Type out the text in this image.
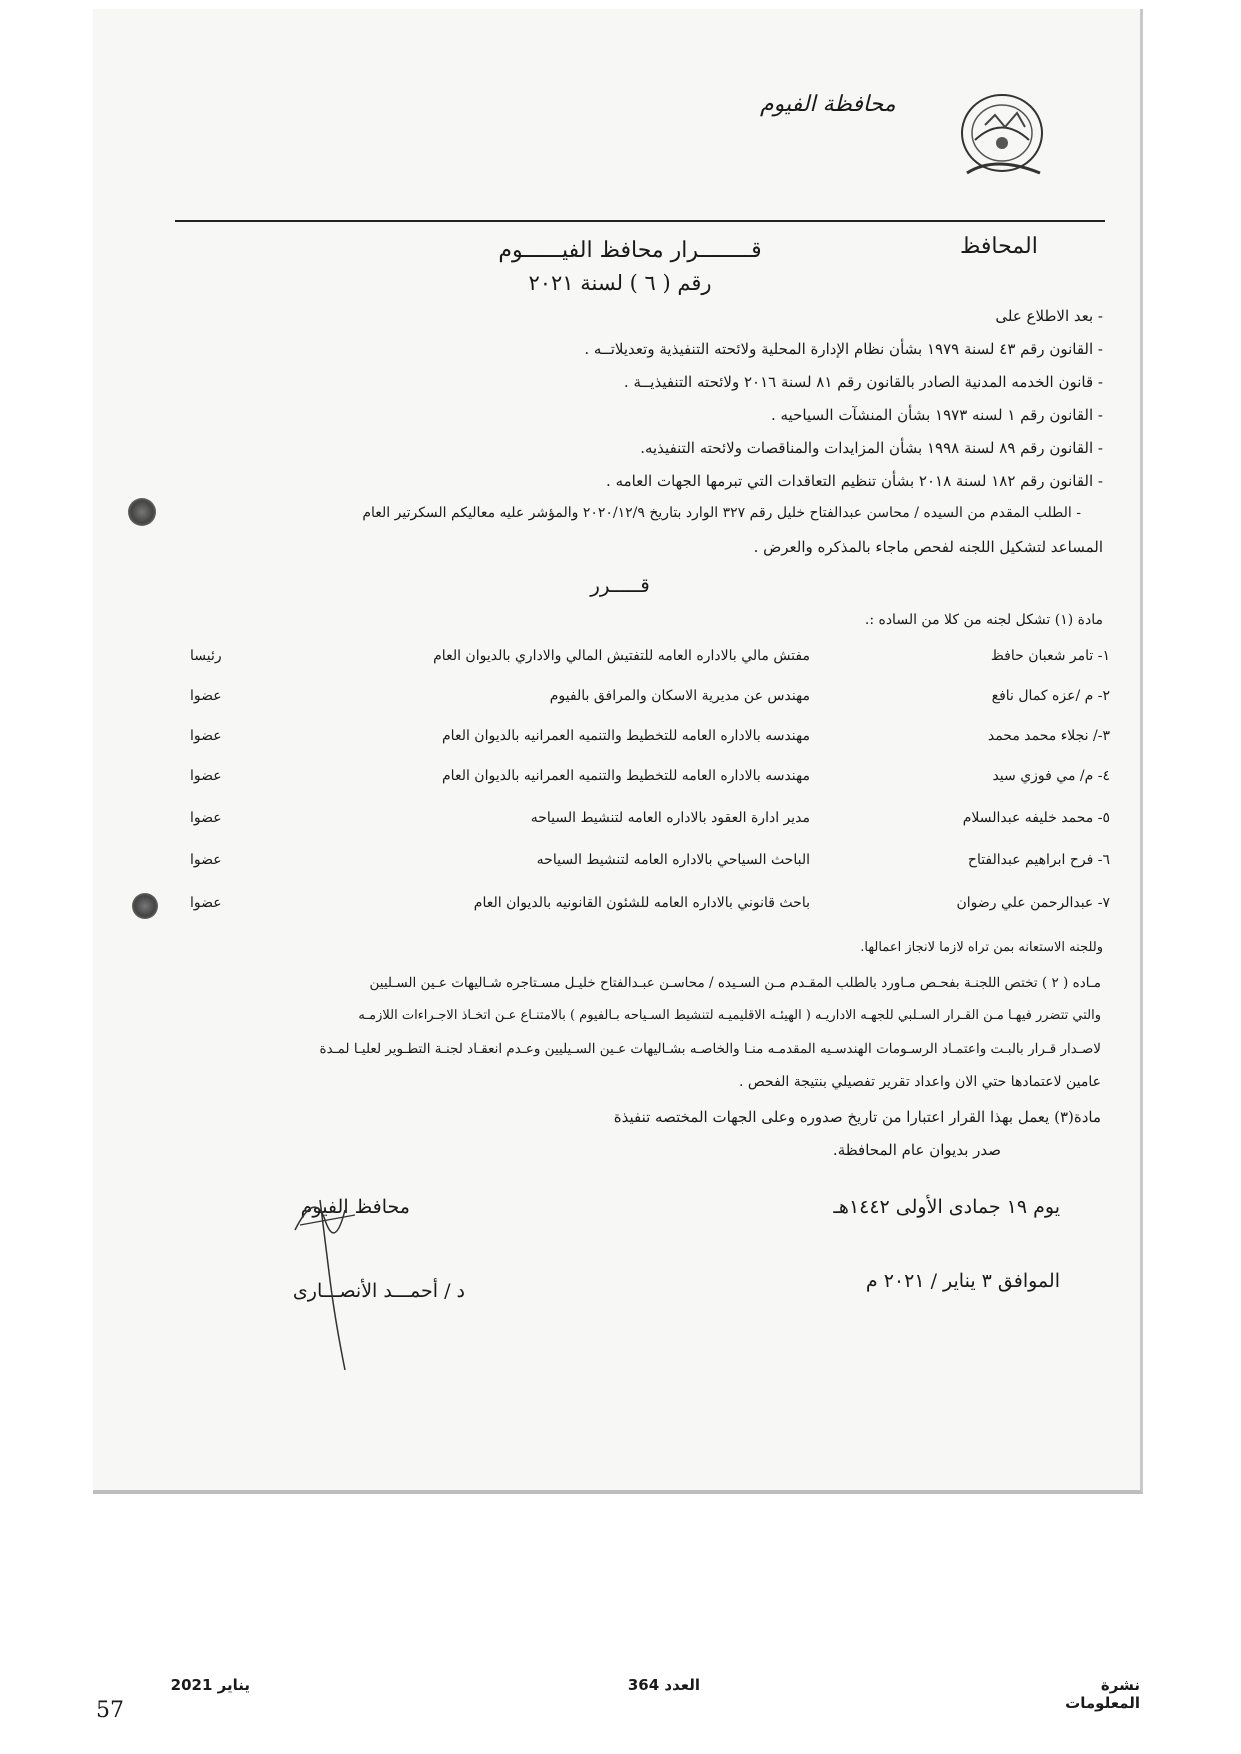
محافظة الفيوم
المحافظ
قــــــــرار محافظ الفيــــــوم
رقم ( ٦ ) لسنة ٢٠٢١
- بعد الاطلاع على
- القانون رقم ٤٣ لسنة ١٩٧٩ بشأن نظام الإدارة المحلية ولائحته التنفيذية وتعديلاتــه .
- قانون الخدمه المدنية الصادر بالقانون رقم ٨١ لسنة ٢٠١٦ ولائحته التنفيذيــة .
- القانون رقم ١ لسنه ١٩٧٣ بشأن المنشآت السياحيه .
- القانون رقم ٨٩ لسنة ١٩٩٨ بشأن المزايدات والمناقصات ولائحته التنفيذيه.
- القانون رقم ١٨٢ لسنة ٢٠١٨ بشأن تنظيم التعاقدات التي تبرمها الجهات العامه .
- الطلب المقدم من السيده / محاسن عبدالفتاح خليل رقم ٣٢٧ الوارد بتاريخ ٢٠٢٠/١٢/٩ والمؤشر عليه معاليكم السكرتير العام
المساعد لتشكيل اللجنه لفحص ماجاء بالمذكره والعرض .
قـــــرر
مادة (١) تشكل لجنه من كلا من الساده :.
١- تامر شعبان حافظ
مفتش مالي بالاداره العامه للتفتيش المالي والاداري بالديوان العام
رئيسا
٢- م /عزه كمال نافع
مهندس عن مديرية الاسكان والمرافق بالفيوم
عضوا
٣-/ نجلاء محمد محمد
مهندسه بالاداره العامه للتخطيط والتنميه العمرانيه بالديوان العام
عضوا
٤- م/ مي فوزي سيد
مهندسه بالاداره العامه للتخطيط والتنميه العمرانيه بالديوان العام
عضوا
٥- محمد خليفه عبدالسلام
مدير ادارة العقود بالاداره العامه لتنشيط السياحه
عضوا
٦- فرح ابراهيم عبدالفتاح
الباحث السياحي بالاداره العامه لتنشيط السياحه
عضوا
٧- عبدالرحمن علي رضوان
باحث قانوني بالاداره العامه للشئون القانونيه بالديوان العام
عضوا
وللجنه الاستعانه بمن تراه لازما لانجاز اعمالها.
مـاده ( ٢ ) تختص اللجنـة بفحـص مـاورد بالطلب المقـدم مـن السـيده / محاسـن عبـدالفتاح خليـل مسـتاجره شـاليهات عـين السـليين
والتي تتضرر فيهـا مـن القـرار السـلبي للجهـه الاداريـه ( الهيئـه الاقليميـه لتنشيط السـياحه بـالفيوم ) بالامتنـاع عـن اتخـاذ الاجـراءات اللازمـه
لاصـدار قـرار بالبـت واعتمـاد الرسـومات الهندسـيه المقدمـه منـا والخاصـه بشـاليهات عـين السـيليين وعـدم انعقـاد لجنـة التطـوير لعليـا لمـدة
عامين لاعتمادها حتي الان واعداد تقرير تفصيلي بنتيجة الفحص .
مادة(٣) يعمل بهذا القرار اعتبارا من تاريخ صدوره وعلى الجهات المختصه تنفيذة
صدر بديوان عام المحافظة.
يوم ١٩ جمادى الأولى ١٤٤٢هـ
الموافق ٣ يناير / ٢٠٢١ م
محافظ الفيوم
د / أحمـــد الأنصـــارى
نشرة المعلومات
العدد 364
يناير 2021
57
